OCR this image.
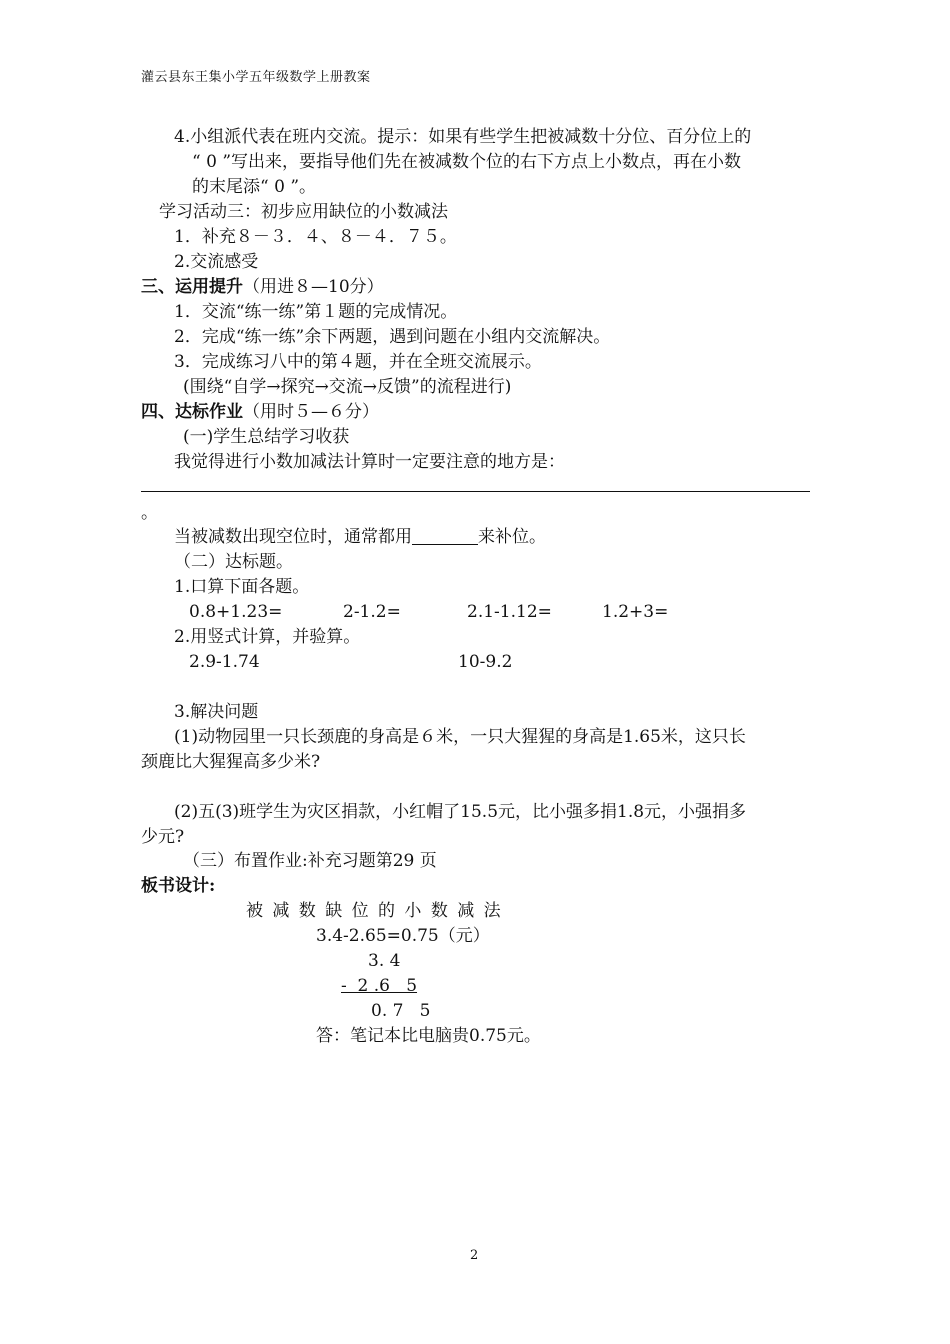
灌云县东王集小学五年级数学上册教案
4.小组派代表在班内交流。提示：如果有些学生把被减数十分位、百分位上的
“ 0 ”写出来，要指导他们先在被减数个位的右下方点上小数点，再在小数
的末尾添“ 0 ”。
学习活动三：初步应用缺位的小数减法
1．补充８－３．４、８－４．７５。
2.交流感受
三、运用提升（用进８—10分）
1．交流“练一练”第１题的完成情况。
2．完成“练一练”余下两题，遇到问题在小组内交流解决。
3．完成练习八中的第４题，并在全班交流展示。
(围绕“自学→探究→交流→反馈”的流程进行)
四、达标作业（用时５—６分）
(一)学生总结学习收获
我觉得进行小数加减法计算时一定要注意的地方是：
。
当被减数出现空位时，通常都用	来补位。
（二）达标题。
1.口算下面各题。
0.8+1.23=	2-1.2=	2.1-1.12=	1.2+3=
2.用竖式计算，并验算。
2.9-1.74	10-9.2
3.解决问题
(1)动物园里一只长颈鹿的身高是６米，一只大猩猩的身高是1.65米，这只长
颈鹿比大猩猩高多少米?
(2)五(3)班学生为灾区捐款，小红帽了15.5元，比小强多捐1.8元，小强捐多
少元?
（三）布置作业:补充习题第29 页
板书设计:
被 减 数 缺 位 的 小 数 减 法
3.4-2.65=0.75（元）
3. 4
-  2 .6   5
0. 7   5
答：笔记本比电脑贵0.75元。
2
